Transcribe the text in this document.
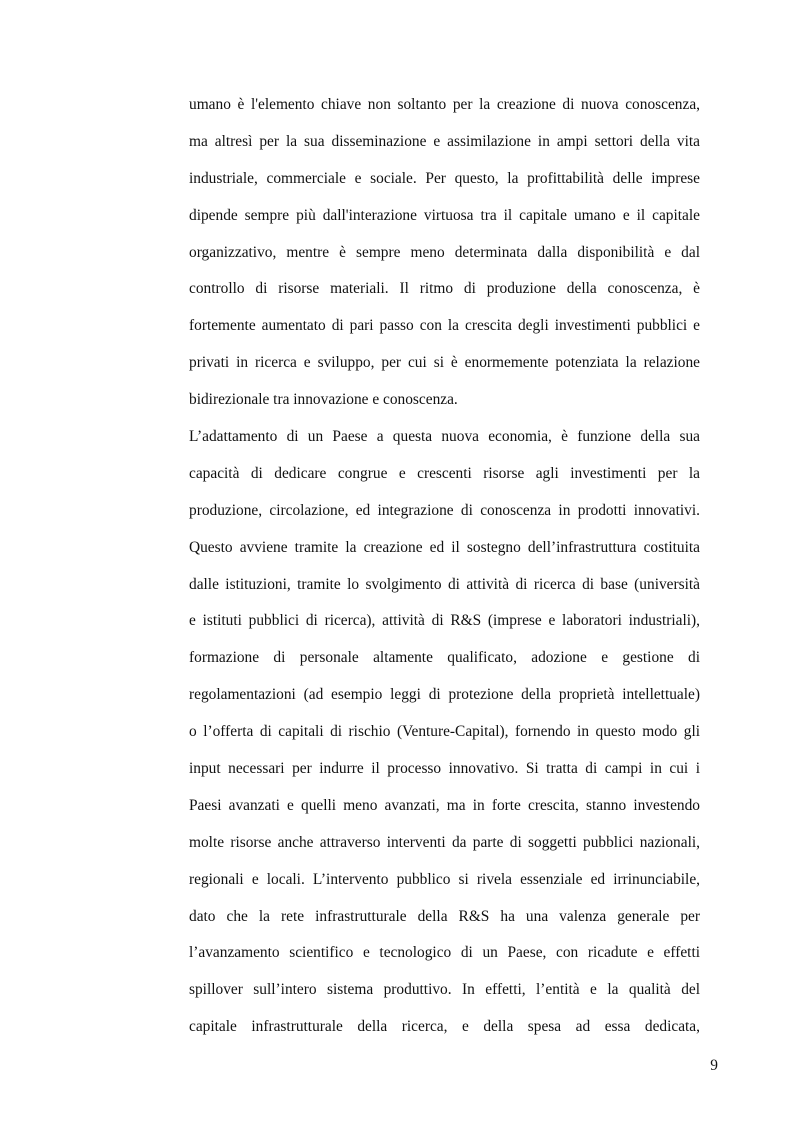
umano è l'elemento chiave non soltanto per la creazione di nuova conoscenza,
ma altresì per la sua disseminazione e assimilazione in ampi settori della vita
industriale, commerciale e sociale. Per questo, la profittabilità delle imprese
dipende sempre più dall'interazione virtuosa tra il capitale umano e il capitale
organizzativo, mentre è sempre meno determinata dalla disponibilità e dal
controllo di risorse materiali. Il ritmo di produzione della conoscenza, è
fortemente aumentato di pari passo con la crescita degli investimenti pubblici e
privati in ricerca e sviluppo, per cui si è enormemente potenziata la relazione
bidirezionale tra innovazione e conoscenza.
L’adattamento di un Paese a questa nuova economia, è funzione della sua
capacità di dedicare congrue e crescenti risorse agli investimenti per la
produzione, circolazione, ed integrazione di conoscenza in prodotti innovativi.
Questo avviene tramite la creazione ed il sostegno dell’infrastruttura costituita
dalle istituzioni, tramite lo svolgimento di attività di ricerca di base (università
e istituti pubblici di ricerca), attività di R&S (imprese e laboratori industriali),
formazione di personale altamente qualificato, adozione e gestione di
regolamentazioni (ad esempio leggi di protezione della proprietà intellettuale)
o l’offerta di capitali di rischio (Venture-Capital), fornendo in questo modo gli
input necessari per indurre il processo innovativo. Si tratta di campi in cui i
Paesi avanzati e quelli meno avanzati, ma in forte crescita, stanno investendo
molte risorse anche attraverso interventi da parte di soggetti pubblici nazionali,
regionali e locali. L’intervento pubblico si rivela essenziale ed irrinunciabile,
dato che la rete infrastrutturale della R&S ha una valenza generale per
l’avanzamento scientifico e tecnologico di un Paese, con ricadute e effetti
spillover sull’intero sistema produttivo. In effetti, l’entità e la qualità del
capitale infrastrutturale della ricerca, e della spesa ad essa dedicata,
9
